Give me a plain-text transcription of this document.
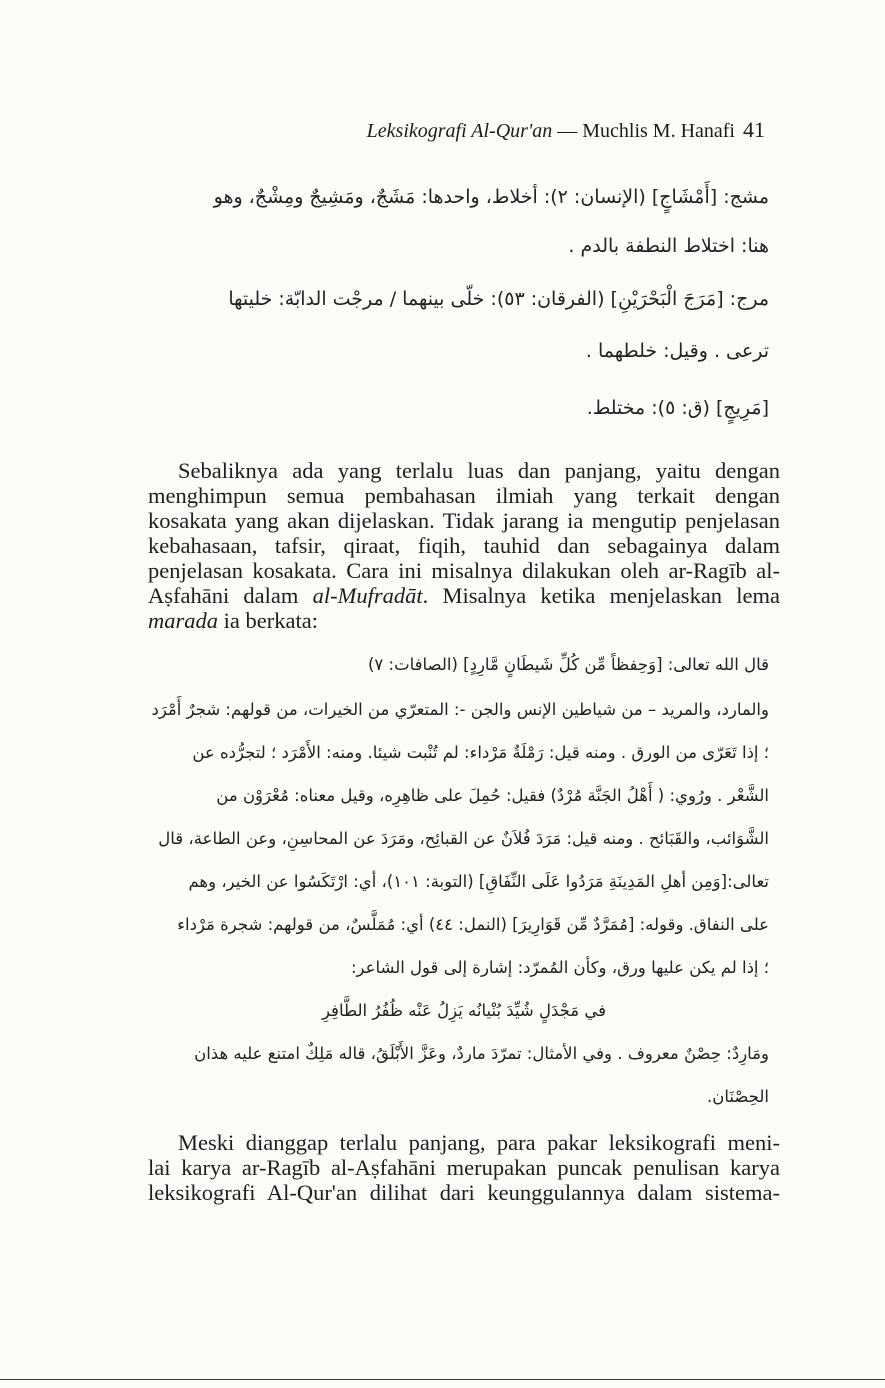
Leksikografi Al-Qur'an — Muchlis M. Hanafi 41
مشج: [أَمْشَاجٍ] (الإنسان: ٢): أخلاط، واحدها: مَشَجٌ، ومَشِيجٌ ومِشْجٌ، وهو
هنا: اختلاط النطفة بالدم .
مرج: [مَرَجَ الْبَحْرَيْنِ] (الفرقان: ٥٣): خلّى بينهما / مرجْت الدابّة: خليتها
ترعى . وقيل: خلطهما .
[مَرِيجٍ] (ق: ٥): مختلط.
Sebaliknya ada yang terlalu luas dan panjang, yaitu dengan
menghimpun semua pembahasan ilmiah yang terkait dengan
kosakata yang akan dijelaskan. Tidak jarang ia mengutip penjelasan
kebahasaan, tafsir, qiraat, fiqih, tauhid dan sebagainya dalam
penjelasan kosakata. Cara ini misalnya dilakukan oleh ar-Ragīb al-
Aṣfahāni dalam al-Mufradāt. Misalnya ketika menjelaskan lema
marada ia berkata:
قال الله تعالى: [وَحِفظاً مِّن كُلِّ شَيطَانٍ مَّارِدٍ] (الصافات: ٧)
والمارد، والمريد – من شياطين الإنس والجن -: المتعرّي من الخيرات، من قولهم: شجرٌ أَمْرَد
؛ إذا تَعَرّى من الورق . ومنه قيل: رَمْلَةٌ مَرْداء: لم تُنْبت شيئا. ومنه: الأَمْرَد ؛ لتجرُّده عن
الشَّعْر . ورُوي: ( أَهْلُ الجَنَّة مُرْدٌ) فقيل: حُمِلَ على ظاهِرِه، وقيل معناه: مُعْرَوْن من
الشَّوَائب، والقَبَائح . ومنه قيل: مَرَدَ فُلاَنٌ عن القبائِح، ومَرَدَ عن المحاسِنِ، وعن الطاعة، قال
تعالى:[وَمِن أهلِ المَدِينَةِ مَرَدُوا عَلَى النِّفَاقِ] (التوبة: ١٠١)، أي: ارْتَكَسُوا عن الخير، وهم
على النفاق. وقوله: [مُمَرَّدٌ مِّن قَوَارِيرَ] (النمل: ٤٤) أي: مُمَلَّسٌ، من قولهم: شجرة مَرْداء
؛ إذا لم يكن عليها ورق، وكأن المُمرّد: إشارة إلى قول الشاعر:
في مَجْدَلٍ شُيِّدَ بُنْيانُه يَزِلُ عَنْه ظُفُرُ الطَّافِرِ
ومَارِدٌ: حِصْنٌ معروف . وفي الأمثال: تمرّدَ ماردٌ، وعَزَّ الأَبْلَقُ، قاله مَلِكٌ امتنع عليه هذان
الحِصْنَان.
Meski dianggap terlalu panjang, para pakar leksikografi meni-
lai karya ar-Ragīb al-Aṣfahāni merupakan puncak penulisan karya
leksikografi Al-Qur'an dilihat dari keunggulannya dalam sistema-
